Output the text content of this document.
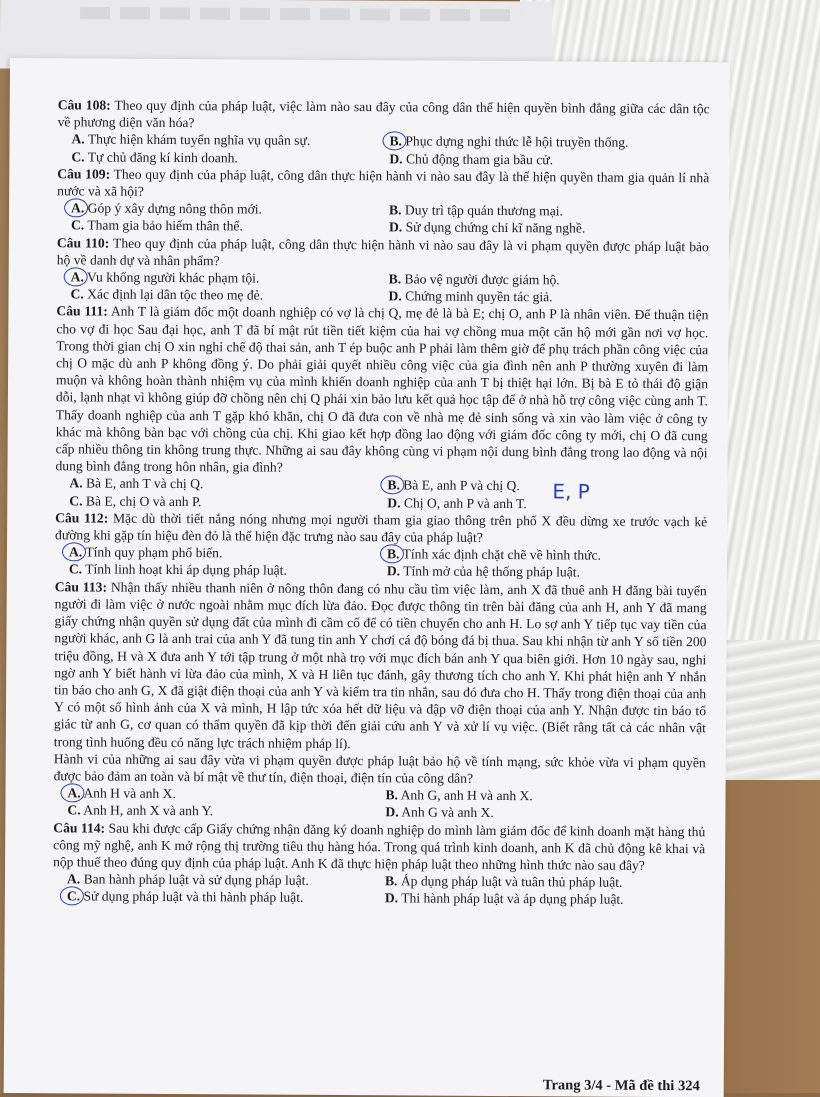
Câu 108: Theo quy định của pháp luật, việc làm nào sau đây của công dân thể hiện quyền bình đẳng giữa các dân tộc về phương diện văn hóa?

A. Thực hiện khám tuyển nghĩa vụ quân sự.	B. Phục dựng nghi thức lễ hội truyền thống.

C. Tự chủ đăng kí kinh doanh.	D. Chủ động tham gia bầu cử.

Câu 109: Theo quy định của pháp luật, công dân thực hiện hành vi nào sau đây là thể hiện quyền tham gia quản lí nhà nước và xã hội?

A. Góp ý xây dựng nông thôn mới.	B. Duy trì tập quán thương mại.

C. Tham gia bảo hiểm thân thể.	D. Sử dụng chứng chỉ kĩ năng nghề.

Câu 110: Theo quy định của pháp luật, công dân thực hiện hành vi nào sau đây là vi phạm quyền được pháp luật bảo hộ về danh dự và nhân phẩm?

A. Vu khống người khác phạm tội.	B. Bảo vệ người được giám hộ.

C. Xác định lại dân tộc theo mẹ đẻ.	D. Chứng minh quyền tác giả.

Câu 111: Anh T là giám đốc một doanh nghiệp có vợ là chị Q, mẹ đẻ là bà E; chị O, anh P là nhân viên. Để thuận tiện cho vợ đi học Sau đại học, anh T đã bí mật rút tiền tiết kiệm của hai vợ chồng mua một căn hộ mới gần nơi vợ học. Trong thời gian chị O xin nghỉ chế độ thai sản, anh T ép buộc anh P phải làm thêm giờ để phụ trách phần công việc của chị O mặc dù anh P không đồng ý. Do phải giải quyết nhiều công việc của gia đình nên anh P thường xuyên đi làm muộn và không hoàn thành nhiệm vụ của mình khiến doanh nghiệp của anh T bị thiệt hại lớn. Bị bà E tỏ thái độ giận dỗi, lạnh nhạt vì không giúp đỡ chồng nên chị Q phải xin bảo lưu kết quả học tập để ở nhà hỗ trợ công việc cùng anh T. Thấy doanh nghiệp của anh T gặp khó khăn, chị O đã đưa con về nhà mẹ đẻ sinh sống và xin vào làm việc ở công ty khác mà không bàn bạc với chồng của chị. Khi giao kết hợp đồng lao động với giám đốc công ty mới, chị O đã cung cấp nhiều thông tin không trung thực. Những ai sau đây không cùng vi phạm nội dung bình đẳng trong lao động và nội dung bình đẳng trong hôn nhân, gia đình?

A. Bà E, anh T và chị Q.	B. Bà E, anh P và chị Q.

C. Bà E, chị O và anh P.	D. Chị O, anh P và anh T.

Câu 112: Mặc dù thời tiết nắng nóng nhưng mọi người tham gia giao thông trên phố X đều dừng xe trước vạch kẻ đường khi gặp tín hiệu đèn đỏ là thể hiện đặc trưng nào sau đây của pháp luật?

A. Tính quy phạm phổ biến.	B. Tính xác định chặt chẽ về hình thức.

C. Tính linh hoạt khi áp dụng pháp luật.	D. Tính mở của hệ thống pháp luật.

Câu 113: Nhận thấy nhiều thanh niên ở nông thôn đang có nhu cầu tìm việc làm, anh X đã thuê anh H đăng bài tuyển người đi làm việc ở nước ngoài nhằm mục đích lừa đảo. Đọc được thông tin trên bài đăng của anh H, anh Y đã mang giấy chứng nhận quyền sử dụng đất của mình đi cầm cố để có tiền chuyển cho anh H. Lo sợ anh Y tiếp tục vay tiền của người khác, anh G là anh trai của anh Y đã tung tin anh Y chơi cá độ bóng đá bị thua. Sau khi nhận từ anh Y số tiền 200 triệu đồng, H và X đưa anh Y tới tập trung ở một nhà trọ với mục đích bán anh Y qua biên giới. Hơn 10 ngày sau, nghi ngờ anh Y biết hành vi lừa đảo của mình, X và H liên tục đánh, gây thương tích cho anh Y. Khi phát hiện anh Y nhắn tin báo cho anh G, X đã giật điện thoại của anh Y và kiểm tra tin nhắn, sau đó đưa cho H. Thấy trong điện thoại của anh Y có một số hình ảnh của X và mình, H lập tức xóa hết dữ liệu và đập vỡ điện thoại của anh Y. Nhận được tin báo tố giác từ anh G, cơ quan có thẩm quyền đã kịp thời đến giải cứu anh Y và xử lí vụ việc. (Biết rằng tất cả các nhân vật trong tình huống đều có năng lực trách nhiệm pháp lí).

Hành vi của những ai sau đây vừa vi phạm quyền được pháp luật bảo hộ về tính mạng, sức khỏe vừa vi phạm quyền được bảo đảm an toàn và bí mật về thư tín, điện thoại, điện tín của công dân?

A. Anh H và anh X.	B. Anh G, anh H và anh X.

C. Anh H, anh X và anh Y.	D. Anh G và anh X.

Câu 114: Sau khi được cấp Giấy chứng nhận đăng ký doanh nghiệp do mình làm giám đốc để kinh doanh mặt hàng thủ công mỹ nghệ, anh K mở rộng thị trường tiêu thụ hàng hóa. Trong quá trình kinh doanh, anh K đã chủ động kê khai và nộp thuế theo đúng quy định của pháp luật. Anh K đã thực hiện pháp luật theo những hình thức nào sau đây?

A. Ban hành pháp luật và sử dụng pháp luật.	B. Áp dụng pháp luật và tuân thủ pháp luật.

C. Sử dụng pháp luật và thi hành pháp luật.	D. Thi hành pháp luật và áp dụng pháp luật.

E, P
Trang 3/4 - Mã đề thi 324
